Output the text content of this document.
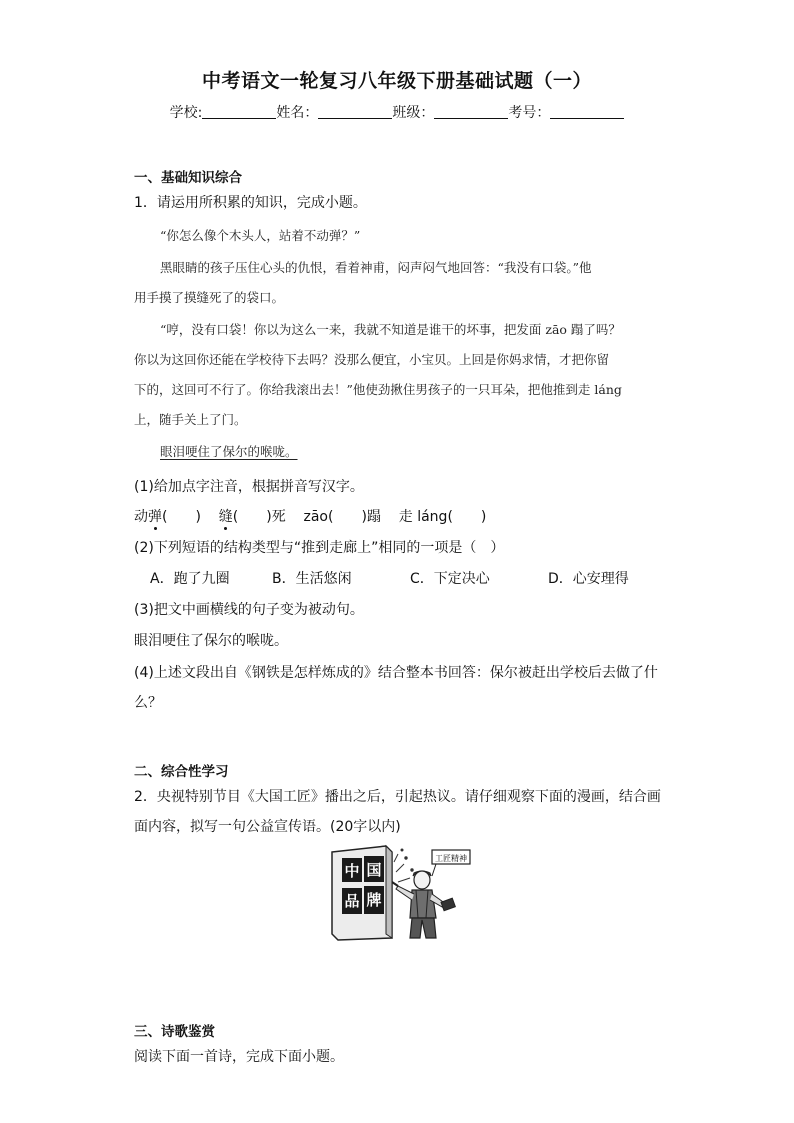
中考语文一轮复习八年级下册基础试题（一）
学校:	姓名：	班级：	考号：
一、基础知识综合
1．请运用所积累的知识，完成小题。
“你怎么像个木头人，站着不动弹？”
黑眼睛的孩子压住心头的仇恨，看着神甫，闷声闷气地回答：“我没有口袋。”他
用手摸了摸缝死了的袋口。
“哼，没有口袋！你以为这么一来，我就不知道是谁干的坏事，把发面 zāo 蹋了吗？
你以为这回你还能在学校待下去吗？没那么便宜，小宝贝。上回是你妈求情，才把你留
下的，这回可不行了。你给我滚出去！”他使劲揪住男孩子的一只耳朵，把他推到走 láng
上，随手关上了门。
眼泪哽住了保尔的喉咙。
(1)给加点字注音，根据拼音写汉字。
动弹(　　) 缝(　　)死 zāo(　　)蹋 走 láng(　　)
(2)下列短语的结构类型与“推到走廊上”相同的一项是（　）
A．跑了九圈	B．生活悠闲	C．下定决心	D．心安理得
(3)把文中画横线的句子变为被动句。
眼泪哽住了保尔的喉咙。
(4)上述文段出自《钢铁是怎样炼成的》结合整本书回答：保尔被赶出学校后去做了什
么？
二、综合性学习
2．央视特别节目《大国工匠》播出之后，引起热议。请仔细观察下面的漫画，结合画
面内容，拟写一句公益宣传语。(20字以内)
中 国
品 牌
工匠精神
三、诗歌鉴赏
阅读下面一首诗，完成下面小题。
